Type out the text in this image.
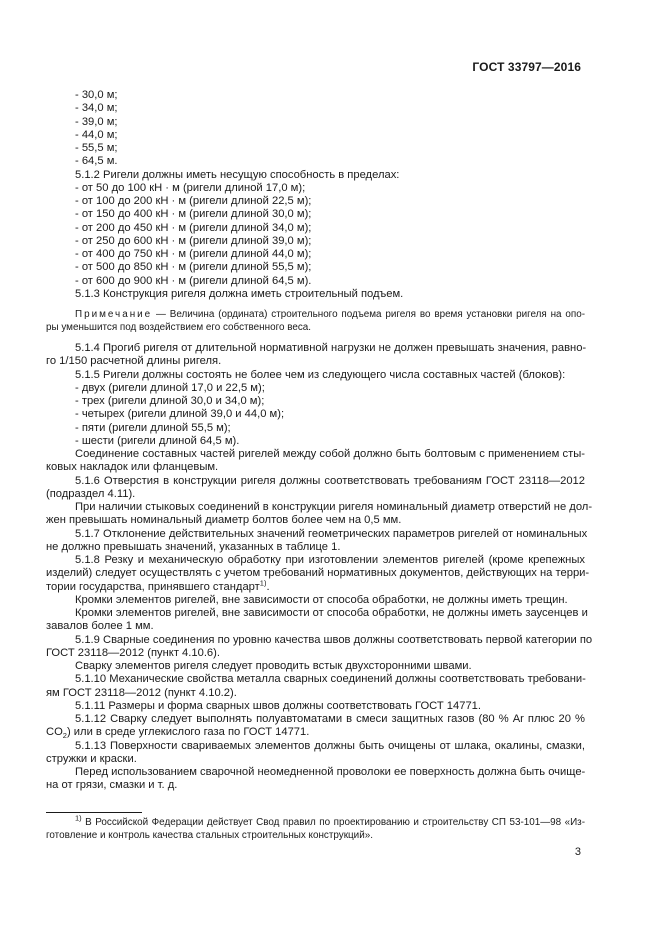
ГОСТ 33797—2016
- 30,0 м;
- 34,0 м;
- 39,0 м;
- 44,0 м;
- 55,5 м;
- 64,5 м.
5.1.2 Ригели должны иметь несущую способность в пределах:
- от 50 до 100 кН · м (ригели длиной 17,0 м);
- от 100 до 200 кН · м (ригели длиной 22,5 м);
- от 150 до 400 кН · м (ригели длиной 30,0 м);
- от 200 до 450 кН · м (ригели длиной 34,0 м);
- от 250 до 600 кН · м (ригели длиной 39,0 м);
- от 400 до 750 кН · м (ригели длиной 44,0 м);
- от 500 до 850 кН · м (ригели длиной 55,5 м);
- от 600 до 900 кН · м (ригели длиной 64,5 м).
5.1.3 Конструкция ригеля должна иметь строительный подъем.
Примечание — Величина (ордината) строительного подъема ригеля во время установки ригеля на опо-
ры уменьшится под воздействием его собственного веса.
5.1.4 Прогиб ригеля от длительной нормативной нагрузки не должен превышать значения, равно-
го 1/150 расчетной длины ригеля.
5.1.5 Ригели должны состоять не более чем из следующего числа составных частей (блоков):
- двух (ригели длиной 17,0 и 22,5 м);
- трех (ригели длиной 30,0 и 34,0 м);
- четырех (ригели длиной 39,0 и 44,0 м);
- пяти (ригели длиной 55,5 м);
- шести (ригели длиной 64,5 м).
Соединение составных частей ригелей между собой должно быть болтовым с применением сты-
ковых накладок или фланцевым.
5.1.6 Отверстия в конструкции ригеля должны соответствовать требованиям ГОСТ 23118—2012
(подраздел 4.11).
При наличии стыковых соединений в конструкции ригеля номинальный диаметр отверстий не дол-
жен превышать номинальный диаметр болтов более чем на 0,5 мм.
5.1.7 Отклонение действительных значений геометрических параметров ригелей от номинальных
не должно превышать значений, указанных в таблице 1.
5.1.8 Резку и механическую обработку при изготовлении элементов ригелей (кроме крепежных
изделий) следует осуществлять с учетом требований нормативных документов, действующих на терри-
тории государства, принявшего стандарт$^{1)}$.
Кромки элементов ригелей, вне зависимости от способа обработки, не должны иметь трещин.
Кромки элементов ригелей, вне зависимости от способа обработки, не должны иметь заусенцев и
завалов более 1 мм.
5.1.9 Сварные соединения по уровню качества швов должны соответствовать первой категории по
ГОСТ 23118—2012 (пункт 4.10.6).
Сварку элементов ригеля следует проводить встык двухсторонними швами.
5.1.10 Механические свойства металла сварных соединений должны соответствовать требовани-
ям ГОСТ 23118—2012 (пункт 4.10.2).
5.1.11 Размеры и форма сварных швов должны соответствовать ГОСТ 14771.
5.1.12 Сварку следует выполнять полуавтоматами в смеси защитных газов (80 % Ar плюс 20 %
$CO_2$) или в среде углекислого газа по ГОСТ 14771.
5.1.13 Поверхности свариваемых элементов должны быть очищены от шлака, окалины, смазки,
стружки и краски.
Перед использованием сварочной неомедненной проволоки ее поверхность должна быть очище-
на от грязи, смазки и т. д.
$^{1)}$ В Российской Федерации действует Свод правил по проектированию и строительству СП 53-101—98 «Из-
готовление и контроль качества стальных строительных конструкций».
3
